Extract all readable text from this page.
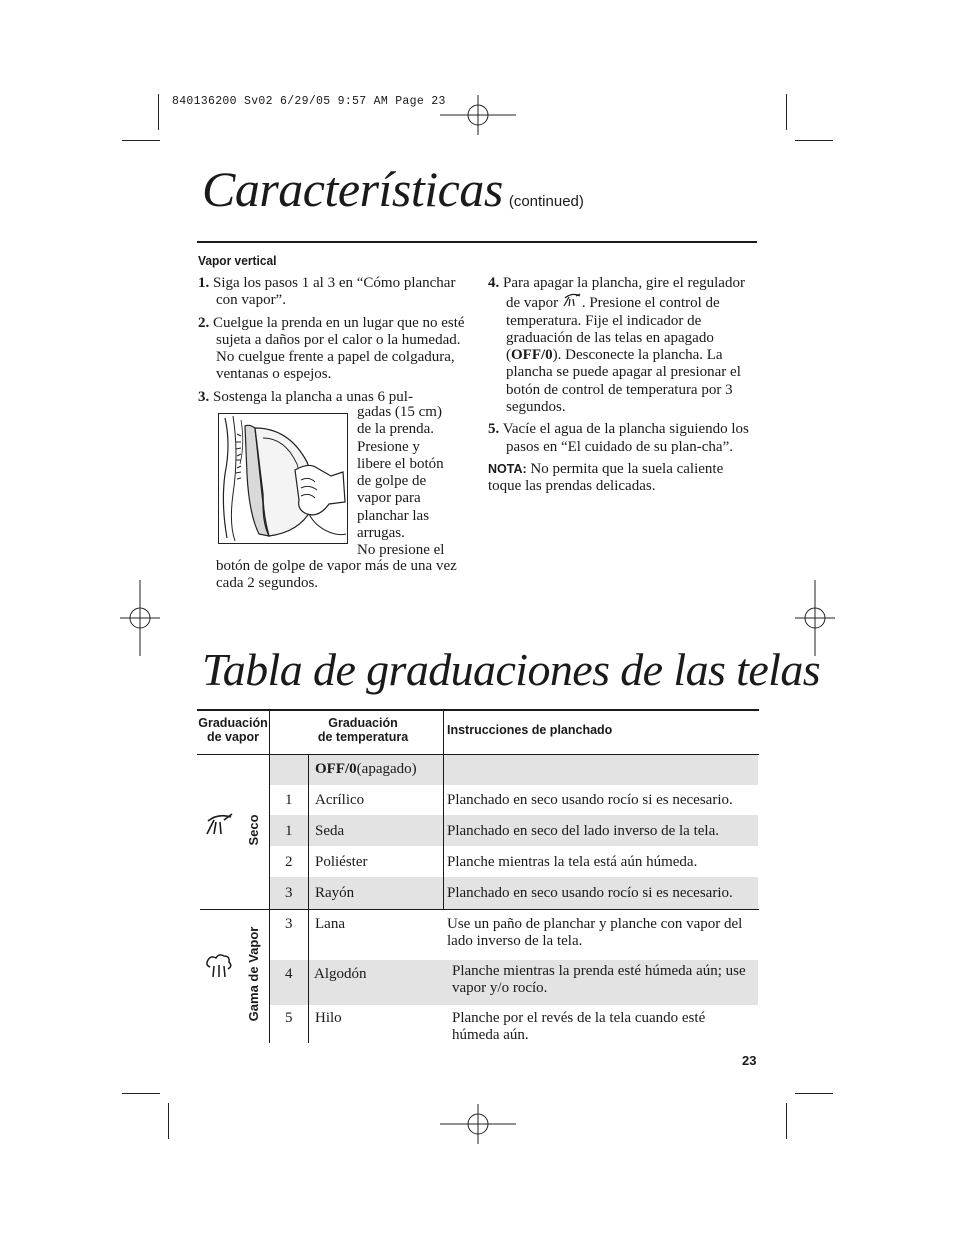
840136200 Sv02 6/29/05 9:57 AM Page 23
Características (continued)
Vapor vertical

1. Siga los pasos 1 al 3 en “Cómo planchar con vapor”.

2. Cuelgue la prenda en un lugar que no esté sujeta a daños por el calor o la humedad. No cuelgue frente a papel de colgadura, ventanas o espejos.

3. Sostenga la plancha a unas 6 pul-

gadas (15 cm)
de la prenda.
Presione y
libere el botón
de golpe de
vapor para
planchar las
arrugas.
No presione el
botón de golpe de vapor más de una vez cada 2 segundos.

4. Para apagar la plancha, gire el regulador de vapor . Presione el control de temperatura. Fije el indicador de graduación de las telas en apagado (OFF/0). Desconecte la plancha. La plancha se puede apagar al presionar el botón de control de temperatura por 3 segundos.

5. Vacíe el agua de la plancha siguiendo los pasos en “El cuidado de su plan-cha”.

NOTA: No permita que la suela caliente toque las prendas delicadas.

Tabla de graduaciones de las telas
Graduación
de vapor
Graduación
de temperatura	Instrucciones de planchado
Seco
Gama de Vapor
OFF/0(apagado)
1 Acrílico	Planchado en seco usando rocío si es necesario.
1 Seda	Planchado en seco del lado inverso de la tela.
2 Poliéster	Planche mientras la tela está aún húmeda.
3 Rayón	Planchado en seco usando rocío si es necesario.
3 Lana	Use un paño de planchar y planche con vapor del lado inverso de la tela.
4 Algodón	Planche mientras la prenda esté húmeda aún; use vapor y/o rocío.
5 Hilo	Planche por el revés de la tela cuando esté húmeda aún.
23
